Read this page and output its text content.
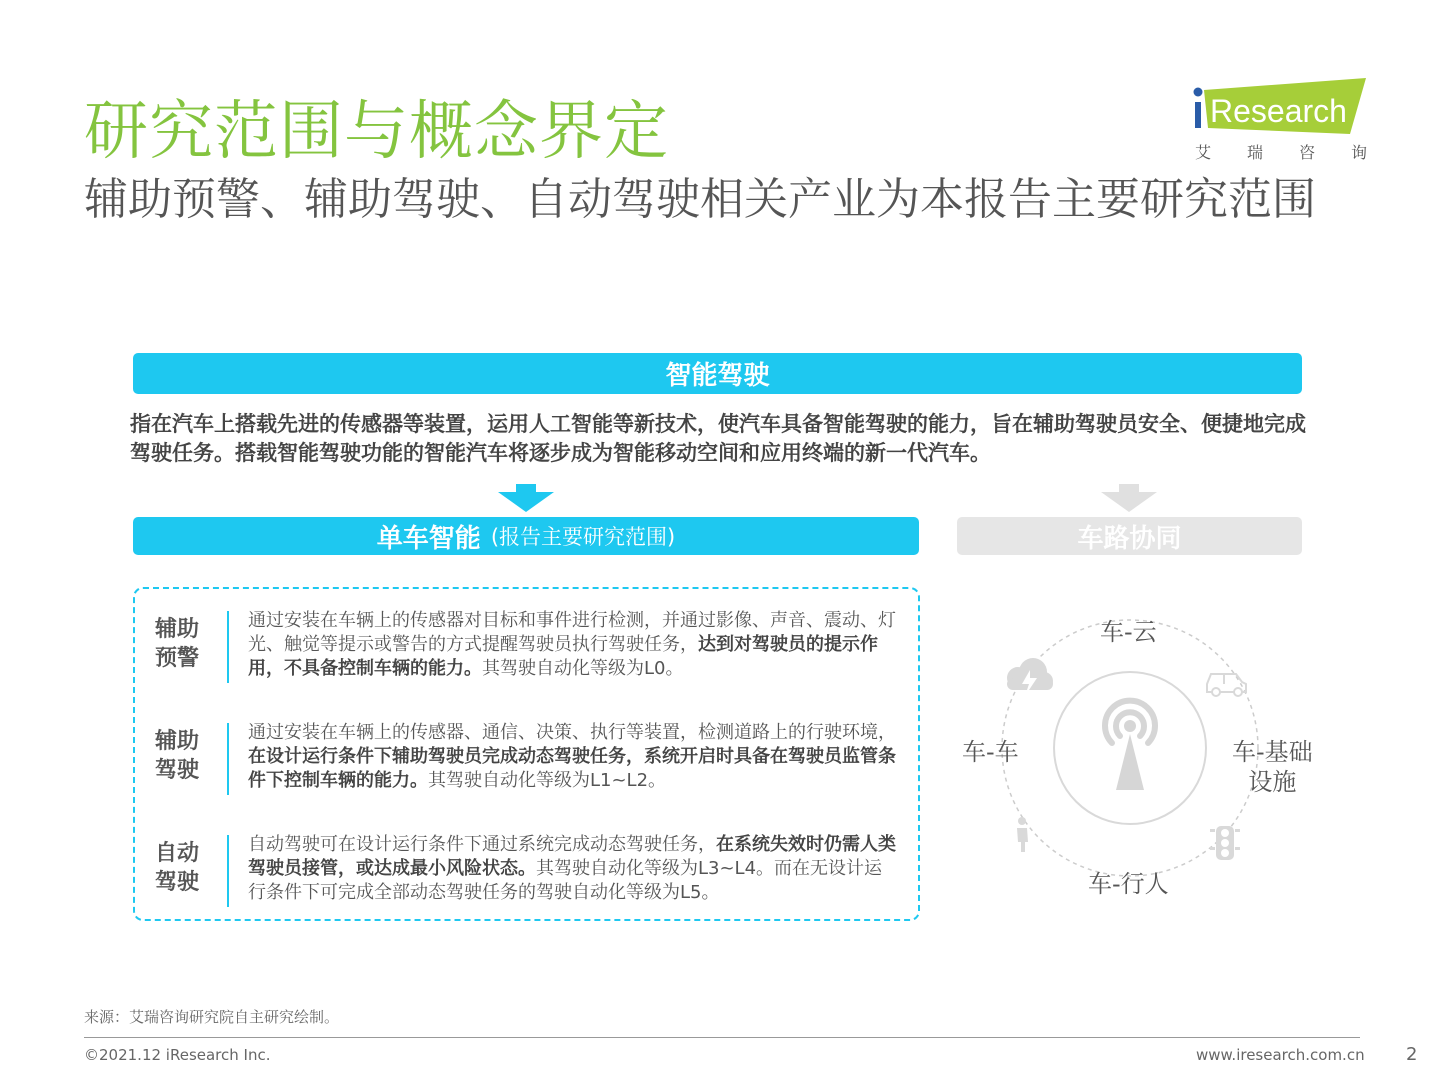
研究范围与概念界定
辅助预警、辅助驾驶、自动驾驶相关产业为本报告主要研究范围
Research
艾 瑞 咨 询
智能驾驶
指在汽车上搭载先进的传感器等装置，运用人工智能等新技术，使汽车具备智能驾驶的能力，旨在辅助驾驶员安全、便捷地完成驾驶任务。搭载智能驾驶功能的智能汽车将逐步成为智能移动空间和应用终端的新一代汽车。
单车智能 (报告主要研究范围)	车路协同
辅助
预警
通过安装在车辆上的传感器对目标和事件进行检测，并通过影像、声音、震动、灯光、触觉等提示或警告的方式提醒驾驶员执行驾驶任务，达到对驾驶员的提示作用，不具备控制车辆的能力。其驾驶自动化等级为L0。
辅助
驾驶
通过安装在车辆上的传感器、通信、决策、执行等装置，检测道路上的行驶环境，在设计运行条件下辅助驾驶员完成动态驾驶任务，系统开启时具备在驾驶员监管条件下控制车辆的能力。其驾驶自动化等级为L1~L2。
自动
驾驶
自动驾驶可在设计运行条件下通过系统完成动态驾驶任务，在系统失效时仍需人类驾驶员接管，或达成最小风险状态。其驾驶自动化等级为L3~L4。而在无设计运行条件下可完成全部动态驾驶任务的驾驶自动化等级为L5。
车-云
车-车	车-基础
设施
车-行人
来源：艾瑞咨询研究院自主研究绘制。
©2021.12 iResearch Inc.	www.iresearch.com.cn 2
